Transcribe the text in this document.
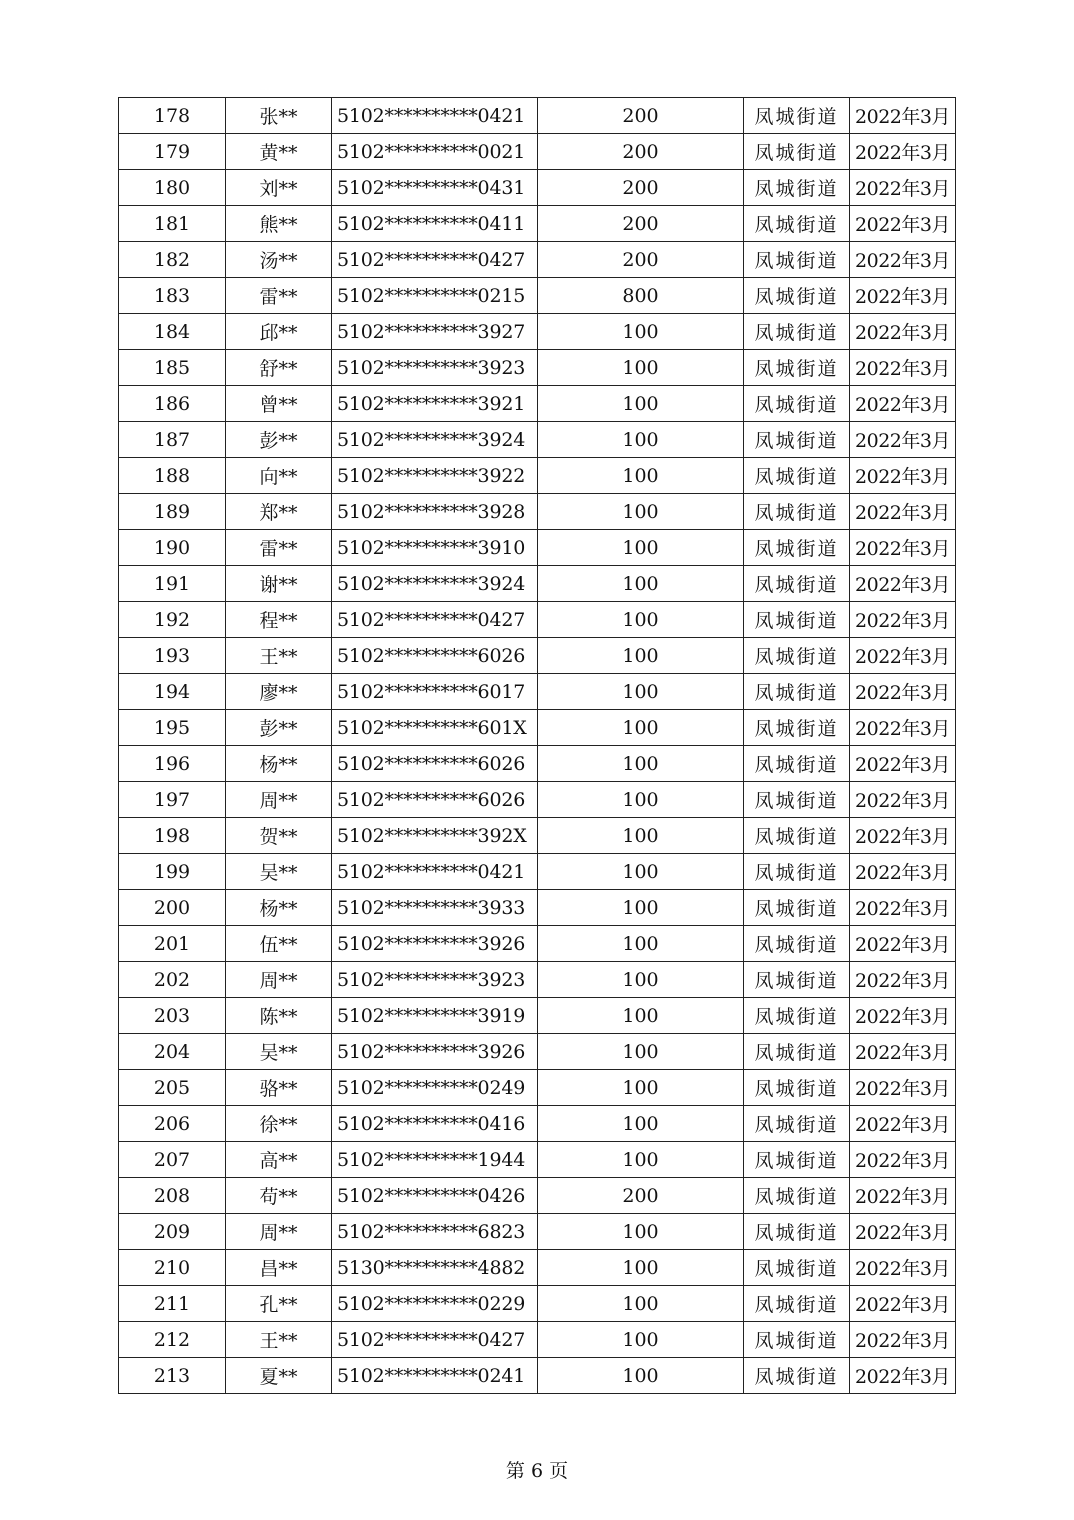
178	张**	5102**********0421	200	凤城街道	2022年3月
179	黄**	5102**********0021	200	凤城街道	2022年3月
180	刘**	5102**********0431	200	凤城街道	2022年3月
181	熊**	5102**********0411	200	凤城街道	2022年3月
182	汤**	5102**********0427	200	凤城街道	2022年3月
183	雷**	5102**********0215	800	凤城街道	2022年3月
184	邱**	5102**********3927	100	凤城街道	2022年3月
185	舒**	5102**********3923	100	凤城街道	2022年3月
186	曾**	5102**********3921	100	凤城街道	2022年3月
187	彭**	5102**********3924	100	凤城街道	2022年3月
188	向**	5102**********3922	100	凤城街道	2022年3月
189	郑**	5102**********3928	100	凤城街道	2022年3月
190	雷**	5102**********3910	100	凤城街道	2022年3月
191	谢**	5102**********3924	100	凤城街道	2022年3月
192	程**	5102**********0427	100	凤城街道	2022年3月
193	王**	5102**********6026	100	凤城街道	2022年3月
194	廖**	5102**********6017	100	凤城街道	2022年3月
195	彭**	5102**********601X	100	凤城街道	2022年3月
196	杨**	5102**********6026	100	凤城街道	2022年3月
197	周**	5102**********6026	100	凤城街道	2022年3月
198	贺**	5102**********392X	100	凤城街道	2022年3月
199	吴**	5102**********0421	100	凤城街道	2022年3月
200	杨**	5102**********3933	100	凤城街道	2022年3月
201	伍**	5102**********3926	100	凤城街道	2022年3月
202	周**	5102**********3923	100	凤城街道	2022年3月
203	陈**	5102**********3919	100	凤城街道	2022年3月
204	吴**	5102**********3926	100	凤城街道	2022年3月
205	骆**	5102**********0249	100	凤城街道	2022年3月
206	徐**	5102**********0416	100	凤城街道	2022年3月
207	高**	5102**********1944	100	凤城街道	2022年3月
208	苟**	5102**********0426	200	凤城街道	2022年3月
209	周**	5102**********6823	100	凤城街道	2022年3月
210	昌**	5130**********4882	100	凤城街道	2022年3月
211	孔**	5102**********0229	100	凤城街道	2022年3月
212	王**	5102**********0427	100	凤城街道	2022年3月
213	夏**	5102**********0241	100	凤城街道	2022年3月
第 6 页
